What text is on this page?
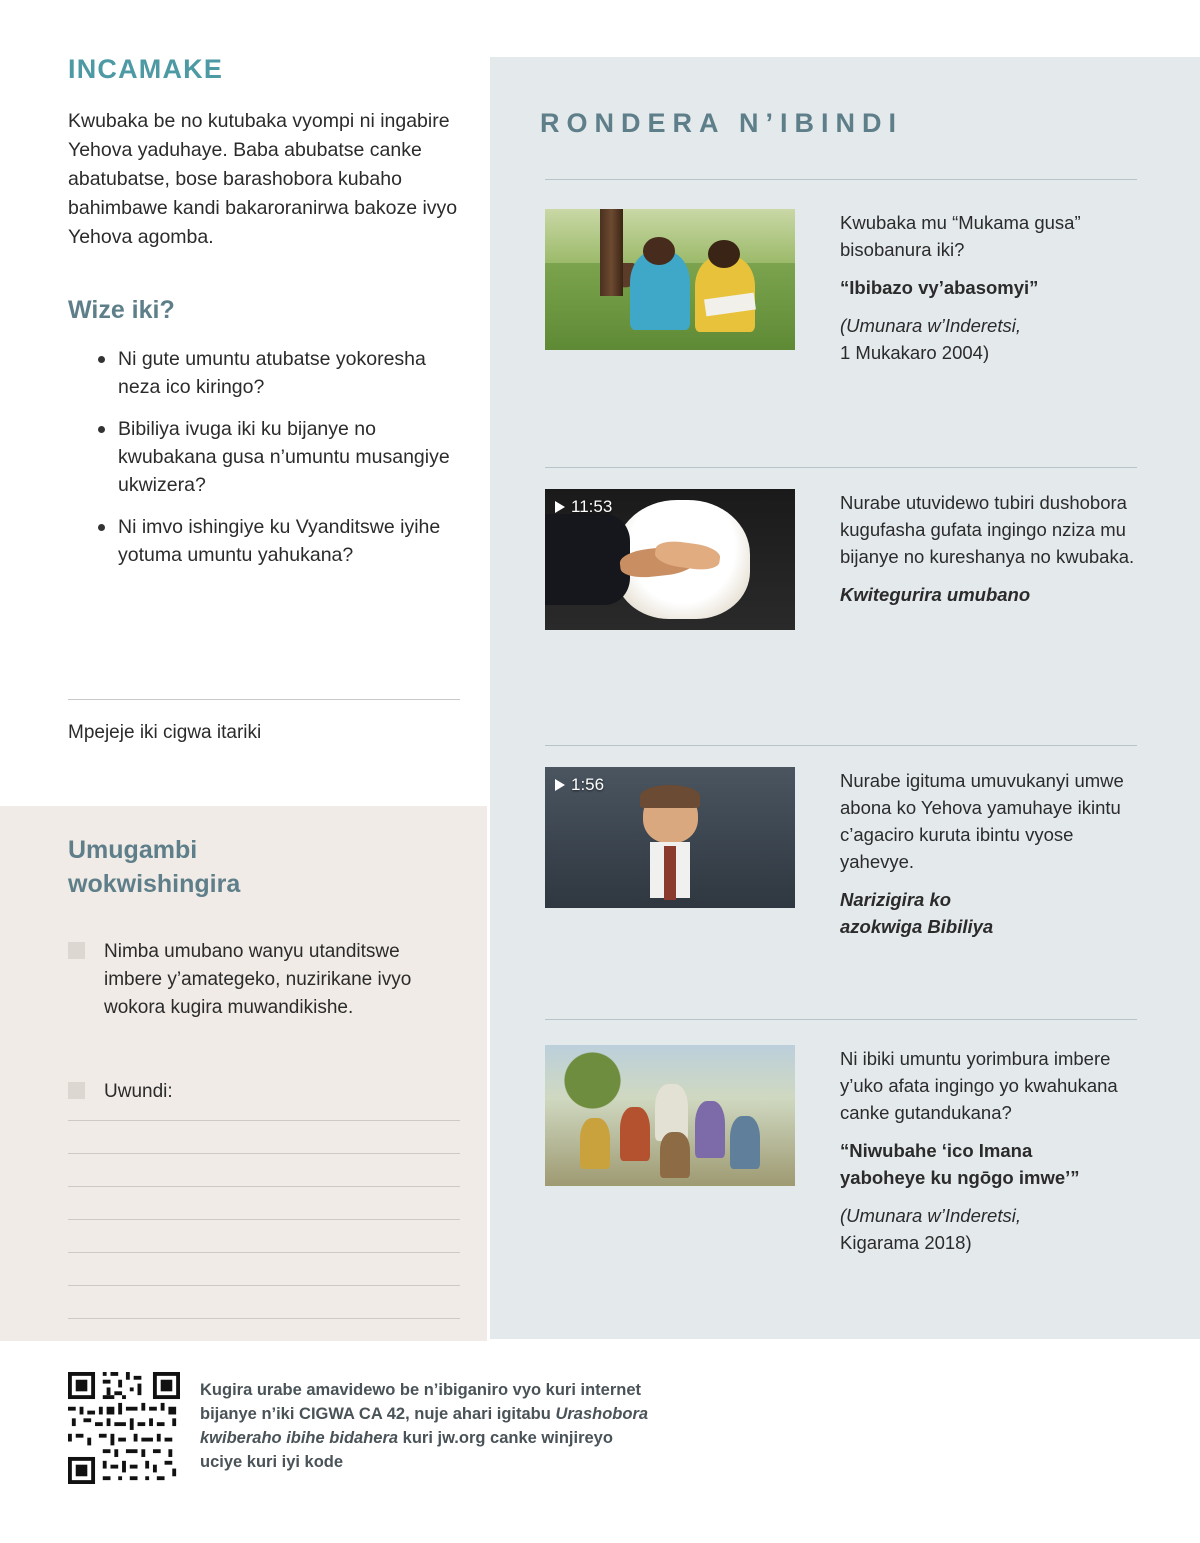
INCAMAKE

Kwubaka be no kutubaka vyompi ni ingabire Yehova yaduhaye. Baba abubatse canke abatubatse, bose barashobora kubaho bahimbawe kandi bakaroranirwa bakoze ivyo Yehova agomba.

Wize iki?
Ni gute umuntu atubatse yokoresha neza ico kiringo?
Bibiliya ivuga iki ku bijanye no kwubakana gusa n’umuntu musangiye ukwizera?
Ni imvo ishingiye ku Vyanditswe iyihe yotuma umuntu yahukana?
Mpejeje iki cigwa itariki
Umugambi
wokwishingira
Nimba umubano wanyu utanditswe imbere y’amategeko, nuzirikane ivyo wokora kugira muwandikishe.
Uwundi:
RONDERA N’IBINDI

Kwubaka mu “Mukama gusa” bisobanura iki?

“Ibibazo vy’abasomyi”

(Umunara w’Inderetsi,
1 Mukakaro 2004)

11:53	Nurabe utuvidewo tubiri dushobora kugufasha gufata ingingo nziza mu bijanye no kureshanya no kwubaka.

Kwitegurira umubano

1:56	Nurabe igituma umuvukanyi umwe abona ko Yehova yamuhaye ikintu c’agaciro kuruta ibintu vyose yahevye.

Narizigira ko
azokwiga Bibiliya

Ni ibiki umuntu yorimbura imbere y’uko afata ingingo yo kwahukana canke gutandukana?

“Niwubahe ‘ico Imana
yaboheye ku ngōgo imwe’”

(Umunara w’Inderetsi,
Kigarama 2018)

Kugira urabe amavidewo be n’ibiganiro vyo kuri internet
bijanye n’iki CIGWA CA 42, nuje ahari igitabu Urashobora
kwiberaho ibihe bidahera kuri jw.org canke winjireyo
uciye kuri iyi kode
